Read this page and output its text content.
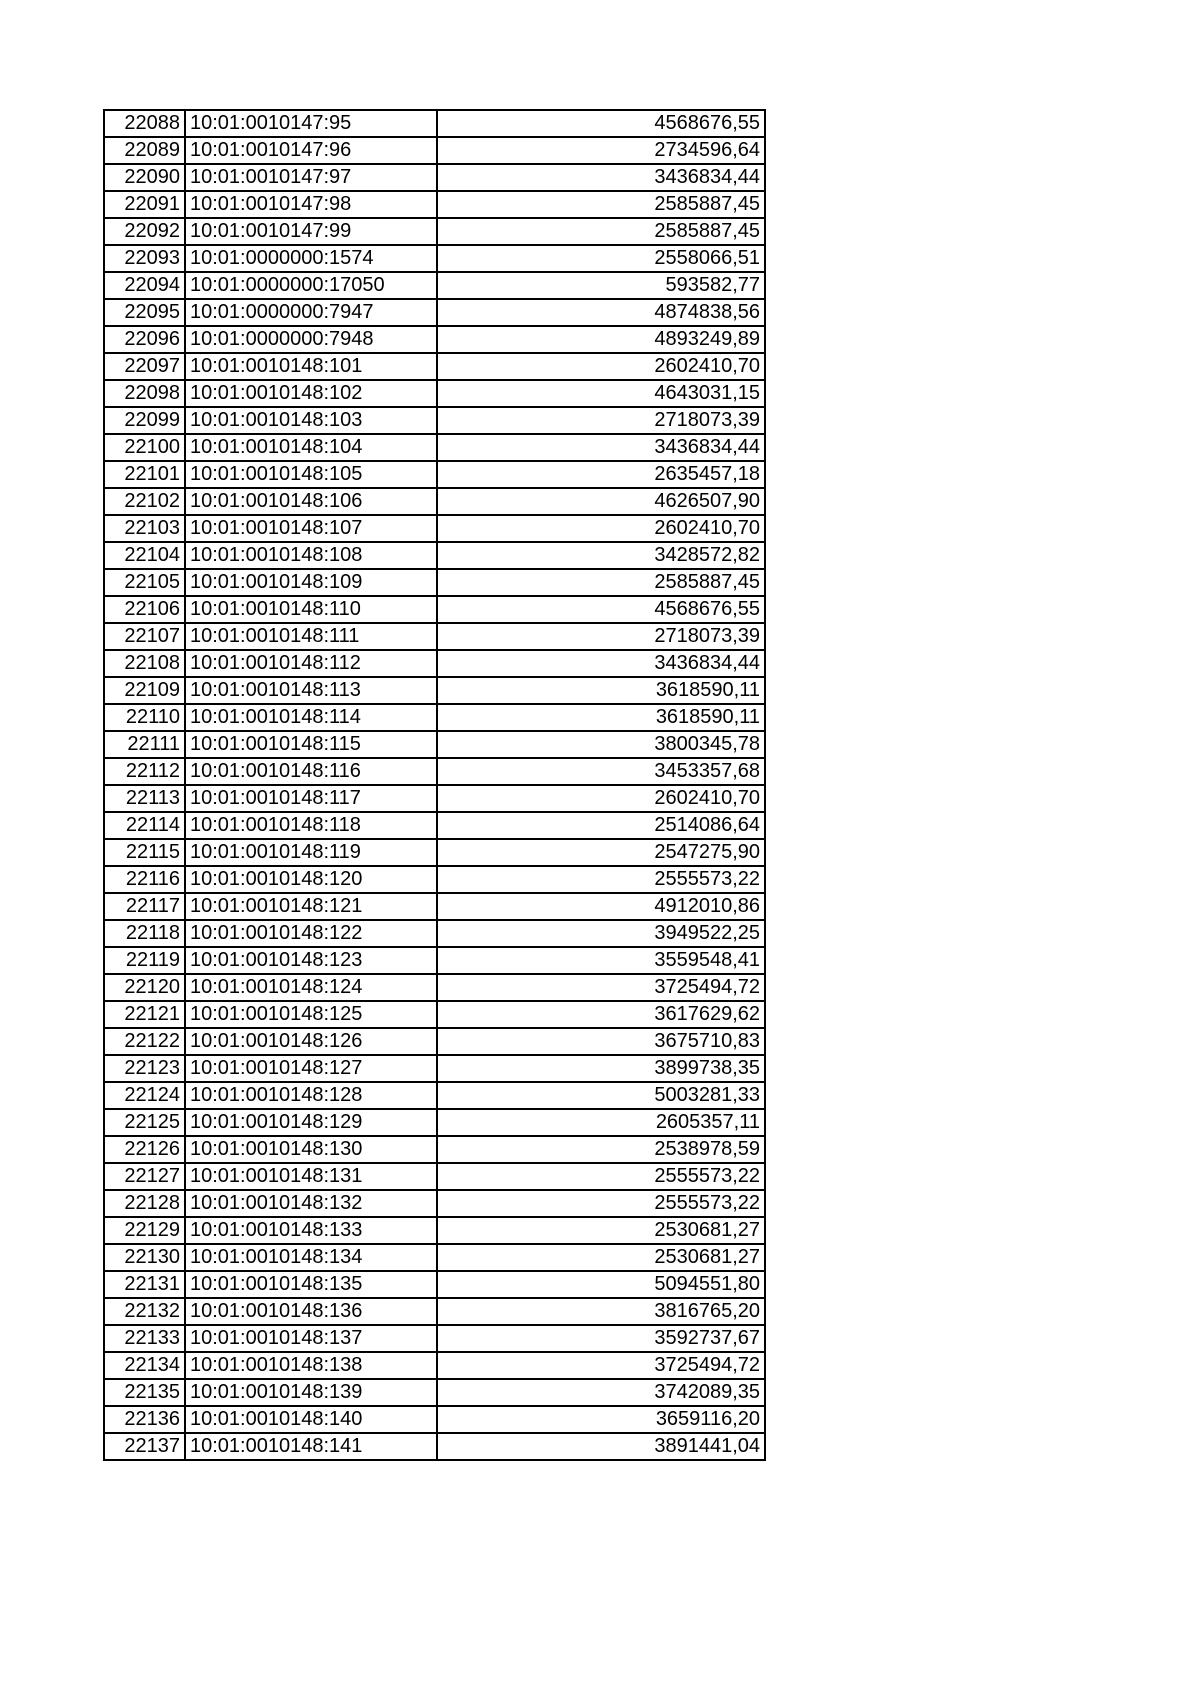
22088	10:01:0010147:95	4568676,55
22089	10:01:0010147:96	2734596,64
22090	10:01:0010147:97	3436834,44
22091	10:01:0010147:98	2585887,45
22092	10:01:0010147:99	2585887,45
22093	10:01:0000000:1574	2558066,51
22094	10:01:0000000:17050	593582,77
22095	10:01:0000000:7947	4874838,56
22096	10:01:0000000:7948	4893249,89
22097	10:01:0010148:101	2602410,70
22098	10:01:0010148:102	4643031,15
22099	10:01:0010148:103	2718073,39
22100	10:01:0010148:104	3436834,44
22101	10:01:0010148:105	2635457,18
22102	10:01:0010148:106	4626507,90
22103	10:01:0010148:107	2602410,70
22104	10:01:0010148:108	3428572,82
22105	10:01:0010148:109	2585887,45
22106	10:01:0010148:110	4568676,55
22107	10:01:0010148:111	2718073,39
22108	10:01:0010148:112	3436834,44
22109	10:01:0010148:113	3618590,11
22110	10:01:0010148:114	3618590,11
22111	10:01:0010148:115	3800345,78
22112	10:01:0010148:116	3453357,68
22113	10:01:0010148:117	2602410,70
22114	10:01:0010148:118	2514086,64
22115	10:01:0010148:119	2547275,90
22116	10:01:0010148:120	2555573,22
22117	10:01:0010148:121	4912010,86
22118	10:01:0010148:122	3949522,25
22119	10:01:0010148:123	3559548,41
22120	10:01:0010148:124	3725494,72
22121	10:01:0010148:125	3617629,62
22122	10:01:0010148:126	3675710,83
22123	10:01:0010148:127	3899738,35
22124	10:01:0010148:128	5003281,33
22125	10:01:0010148:129	2605357,11
22126	10:01:0010148:130	2538978,59
22127	10:01:0010148:131	2555573,22
22128	10:01:0010148:132	2555573,22
22129	10:01:0010148:133	2530681,27
22130	10:01:0010148:134	2530681,27
22131	10:01:0010148:135	5094551,80
22132	10:01:0010148:136	3816765,20
22133	10:01:0010148:137	3592737,67
22134	10:01:0010148:138	3725494,72
22135	10:01:0010148:139	3742089,35
22136	10:01:0010148:140	3659116,20
22137	10:01:0010148:141	3891441,04
